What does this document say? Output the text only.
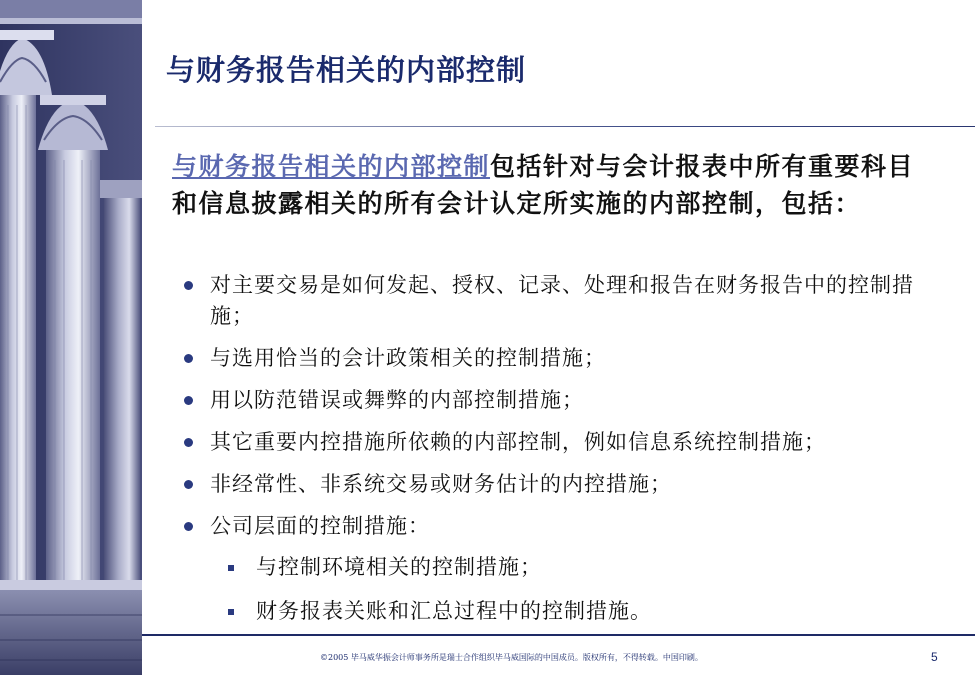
与财务报告相关的内部控制
与财务报告相关的内部控制包括针对与会计报表中所有重要科目和信息披露相关的所有会计认定所实施的内部控制，包括：
对主要交易是如何发起、授权、记录、处理和报告在财务报告中的控制措施；
与选用恰当的会计政策相关的控制措施；
用以防范错误或舞弊的内部控制措施；
其它重要内控措施所依赖的内部控制，例如信息系统控制措施；
非经常性、非系统交易或财务估计的内控措施；
公司层面的控制措施：
与控制环境相关的控制措施；
财务报表关账和汇总过程中的控制措施。
©2005 毕马威华振会计师事务所是瑞士合作组织毕马威国际的中国成员。版权所有，不得转载。中国印刷。	5
